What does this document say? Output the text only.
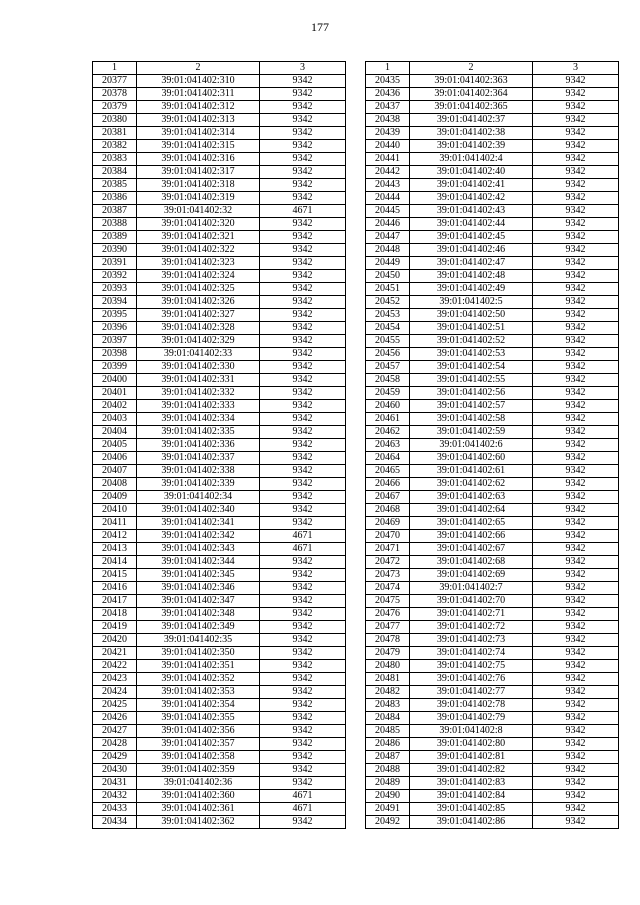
177
1	2	3
20377	39:01:041402:310	9342
20378	39:01:041402:311	9342
20379	39:01:041402:312	9342
20380	39:01:041402:313	9342
20381	39:01:041402:314	9342
20382	39:01:041402:315	9342
20383	39:01:041402:316	9342
20384	39:01:041402:317	9342
20385	39:01:041402:318	9342
20386	39:01:041402:319	9342
20387	39:01:041402:32	4671
20388	39:01:041402:320	9342
20389	39:01:041402:321	9342
20390	39:01:041402:322	9342
20391	39:01:041402:323	9342
20392	39:01:041402:324	9342
20393	39:01:041402:325	9342
20394	39:01:041402:326	9342
20395	39:01:041402:327	9342
20396	39:01:041402:328	9342
20397	39:01:041402:329	9342
20398	39:01:041402:33	9342
20399	39:01:041402:330	9342
20400	39:01:041402:331	9342
20401	39:01:041402:332	9342
20402	39:01:041402:333	9342
20403	39:01:041402:334	9342
20404	39:01:041402:335	9342
20405	39:01:041402:336	9342
20406	39:01:041402:337	9342
20407	39:01:041402:338	9342
20408	39:01:041402:339	9342
20409	39:01:041402:34	9342
20410	39:01:041402:340	9342
20411	39:01:041402:341	9342
20412	39:01:041402:342	4671
20413	39:01:041402:343	4671
20414	39:01:041402:344	9342
20415	39:01:041402:345	9342
20416	39:01:041402:346	9342
20417	39:01:041402:347	9342
20418	39:01:041402:348	9342
20419	39:01:041402:349	9342
20420	39:01:041402:35	9342
20421	39:01:041402:350	9342
20422	39:01:041402:351	9342
20423	39:01:041402:352	9342
20424	39:01:041402:353	9342
20425	39:01:041402:354	9342
20426	39:01:041402:355	9342
20427	39:01:041402:356	9342
20428	39:01:041402:357	9342
20429	39:01:041402:358	9342
20430	39:01:041402:359	9342
20431	39:01:041402:36	9342
20432	39:01:041402:360	4671
20433	39:01:041402:361	4671
20434	39:01:041402:362	9342
1	2	3
20435	39:01:041402:363	9342
20436	39:01:041402:364	9342
20437	39:01:041402:365	9342
20438	39:01:041402:37	9342
20439	39:01:041402:38	9342
20440	39:01:041402:39	9342
20441	39:01:041402:4	9342
20442	39:01:041402:40	9342
20443	39:01:041402:41	9342
20444	39:01:041402:42	9342
20445	39:01:041402:43	9342
20446	39:01:041402:44	9342
20447	39:01:041402:45	9342
20448	39:01:041402:46	9342
20449	39:01:041402:47	9342
20450	39:01:041402:48	9342
20451	39:01:041402:49	9342
20452	39:01:041402:5	9342
20453	39:01:041402:50	9342
20454	39:01:041402:51	9342
20455	39:01:041402:52	9342
20456	39:01:041402:53	9342
20457	39:01:041402:54	9342
20458	39:01:041402:55	9342
20459	39:01:041402:56	9342
20460	39:01:041402:57	9342
20461	39:01:041402:58	9342
20462	39:01:041402:59	9342
20463	39:01:041402:6	9342
20464	39:01:041402:60	9342
20465	39:01:041402:61	9342
20466	39:01:041402:62	9342
20467	39:01:041402:63	9342
20468	39:01:041402:64	9342
20469	39:01:041402:65	9342
20470	39:01:041402:66	9342
20471	39:01:041402:67	9342
20472	39:01:041402:68	9342
20473	39:01:041402:69	9342
20474	39:01:041402:7	9342
20475	39:01:041402:70	9342
20476	39:01:041402:71	9342
20477	39:01:041402:72	9342
20478	39:01:041402:73	9342
20479	39:01:041402:74	9342
20480	39:01:041402:75	9342
20481	39:01:041402:76	9342
20482	39:01:041402:77	9342
20483	39:01:041402:78	9342
20484	39:01:041402:79	9342
20485	39:01:041402:8	9342
20486	39:01:041402:80	9342
20487	39:01:041402:81	9342
20488	39:01:041402:82	9342
20489	39:01:041402:83	9342
20490	39:01:041402:84	9342
20491	39:01:041402:85	9342
20492	39:01:041402:86	9342
